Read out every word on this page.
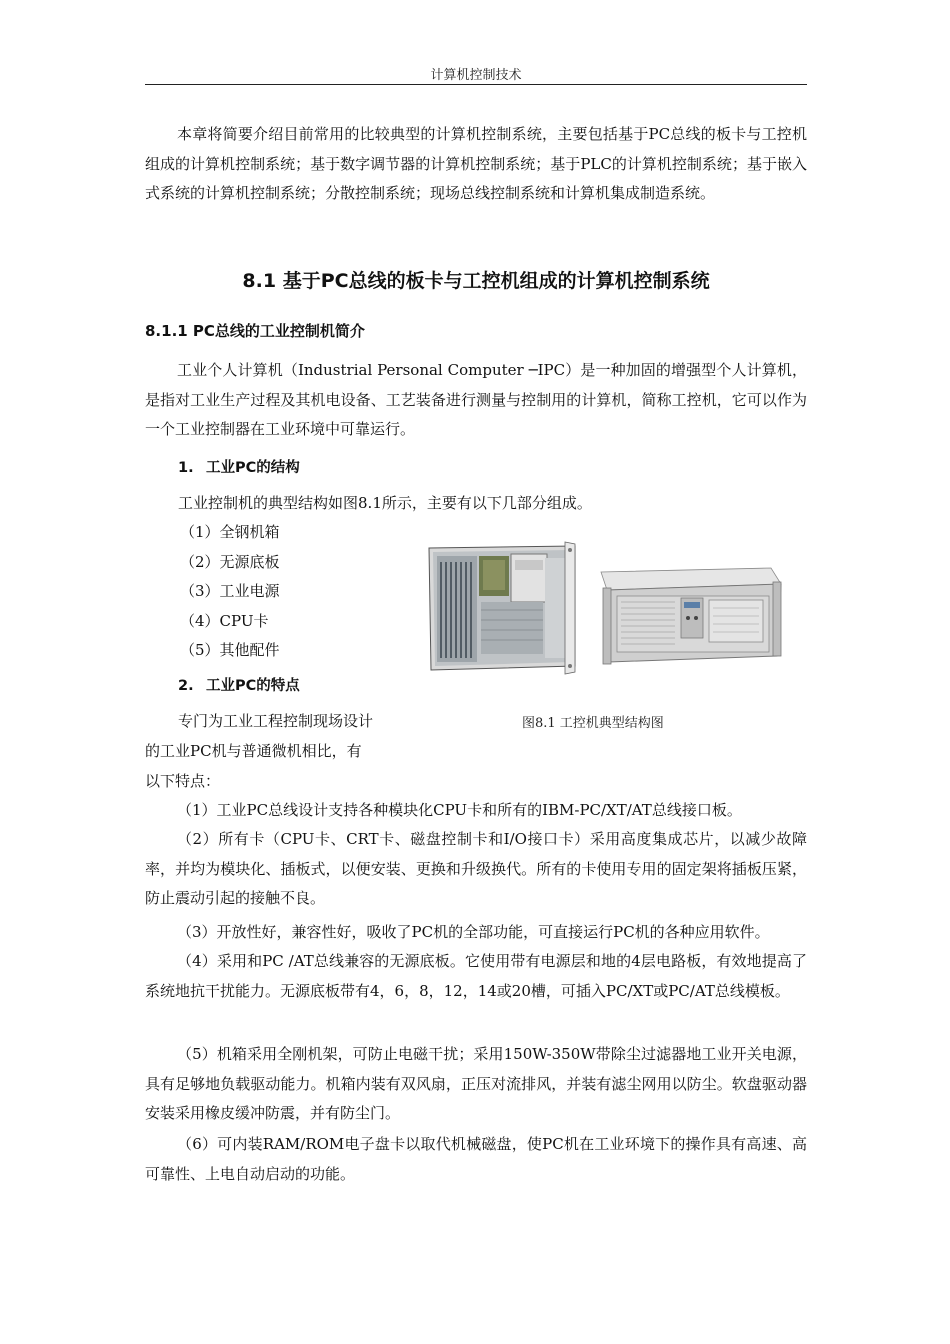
计算机控制技术

本章将简要介绍目前常用的比较典型的计算机控制系统，主要包括基于PC总线的板卡与工控机组成的计算机控制系统；基于数字调节器的计算机控制系统；基于PLC的计算机控制系统；基于嵌入式系统的计算机控制系统；分散控制系统；现场总线控制系统和计算机集成制造系统。

8.1 基于PC总线的板卡与工控机组成的计算机控制系统
8.1.1 PC总线的工业控制机简介

工业个人计算机（Industrial Personal Computer ─IPC）是一种加固的增强型个人计算机，是指对工业生产过程及其机电设备、工艺装备进行测量与控制用的计算机，简称工控机，它可以作为一个工业控制器在工业环境中可靠运行。

1. 工业PC的结构
工业控制机的典型结构如图8.1所示，主要有以下几部分组成。
（1）全钢机箱
（2）无源底板
（3）工业电源
（4）CPU卡
（5）其他配件
2. 工业PC的特点
图8.1 工控机典型结构图
专门为工业工程控制现场设计
的工业PC机与普通微机相比，有
以下特点：

（1）工业PC总线设计支持各种模块化CPU卡和所有的IBM-PC/XT/AT总线接口板。

（2）所有卡（CPU卡、CRT卡、磁盘控制卡和I/O接口卡）采用高度集成芯片，以减少故障率，并均为模块化、插板式，以便安装、更换和升级换代。所有的卡使用专用的固定架将插板压紧，防止震动引起的接触不良。

（3）开放性好，兼容性好，吸收了PC机的全部功能，可直接运行PC机的各种应用软件。

（4）采用和PC /AT总线兼容的无源底板。它使用带有电源层和地的4层电路板，有效地提高了系统地抗干扰能力。无源底板带有4，6，8，12，14或20槽，可插入PC/XT或PC/AT总线模板。

（5）机箱采用全刚机架，可防止电磁干扰；采用150W-350W带除尘过滤器地工业开关电源，具有足够地负载驱动能力。机箱内装有双风扇，正压对流排风，并装有滤尘网用以防尘。软盘驱动器安装采用橡皮缓冲防震，并有防尘门。

（6）可内装RAM/ROM电子盘卡以取代机械磁盘，使PC机在工业环境下的操作具有高速、高可靠性、上电自动启动的功能。
